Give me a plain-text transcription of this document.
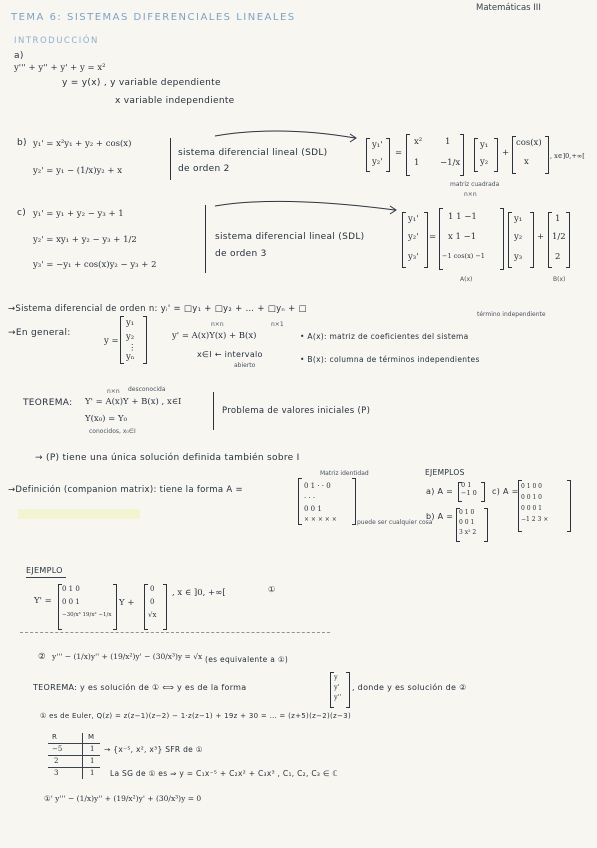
TEMA 6: SISTEMAS DIFERENCIALES LINEALES
Matemáticas III
INTRODUCCIÓN
a)
y''' + y'' + y' + y = x²
y = y(x) , y variable dependiente
x variable independiente
b) y₁' = x²y₁ + y₂ + cos(x)
y₂' = y₁ − (1/x)y₂ + x
sistema diferencial lineal (SDL)
de orden 2
y₁'
y₂'
=
x²	1
1 −1/x
y₁
y₂
+
cos(x)
x
, x∈]0,+∞[
matriz cuadrada
n×n
c) y₁' = y₁ + y₂ − y₃ + 1
y₂' = xy₁ + y₂ − y₃ + 1/2
y₃' = −y₁ + cos(x)y₂ − y₃ + 2
sistema diferencial lineal (SDL)
de orden 3
y₁'
y₂'
y₃'
=
1 1 −1
x 1 −1
−1 cos(x) −1
A(x)
y₁
y₂
y₃
+
1
1/2
2
B(x)
→Sistema diferencial de orden n: yᵢ' = □y₁ + □y₂ + … + □yₙ + □
término independiente
→En general:
y =
y₁
y₂
⋮
yₙ
n×n	n×1
y' = A(x)Y(x) + B(x)
x∈I ← intervalo
abierto
• A(x): matriz de coeficientes del sistema
• B(x): columna de términos independientes
TEOREMA:
n×n desconocida
Y' = A(x)Y + B(x) , x∈I
Y(x₀) = Y₀
conocidos, x₀∈I
Problema de valores iniciales (P)
→ (P) tiene una única solución definida también sobre I
→Definición (companion matrix): tiene la forma A =
Matriz identidad
0 1 · · 0
· · ·
0 0 1
× × × × ×	puede ser cualquier cosa
EJEMPLOS
a) A =
0 1
−1 0 c) A =
0 1 0 0
0 0 1 0
0 0 0 1
−1 2 3 ×
b) A = 0 1 0
0 0 1
3 x² 2
EJEMPLO
Y' =
0 1 0
0 0 1
−30/x³ 19/x² −1/x
Y +
0
0
√x
, x ∈ ]0, +∞[	①
② y''' − (1/x)y'' + (19/x²)y' − (30/x³)y = √x (es equivalente a ①)
TEOREMA: y es solución de ① ⟺ y es de la forma
y
y'
y''
, donde y es solución de ②
① es de Euler, Q(z) = z(z−1)(z−2) − 1·z(z−1) + 19z + 30 = … = (z+5)(z−2)(z−3)
R	M
−5	1
2	1
3	1
→ {x⁻⁵, x², x³} SFR de ①
La SG de ① es ⇒ y = C₁x⁻⁵ + C₂x² + C₃x³ , C₁, C₂, C₃ ∈ ℂ
①' y''' − (1/x)y'' + (19/x²)y' + (30/x³)y = 0
